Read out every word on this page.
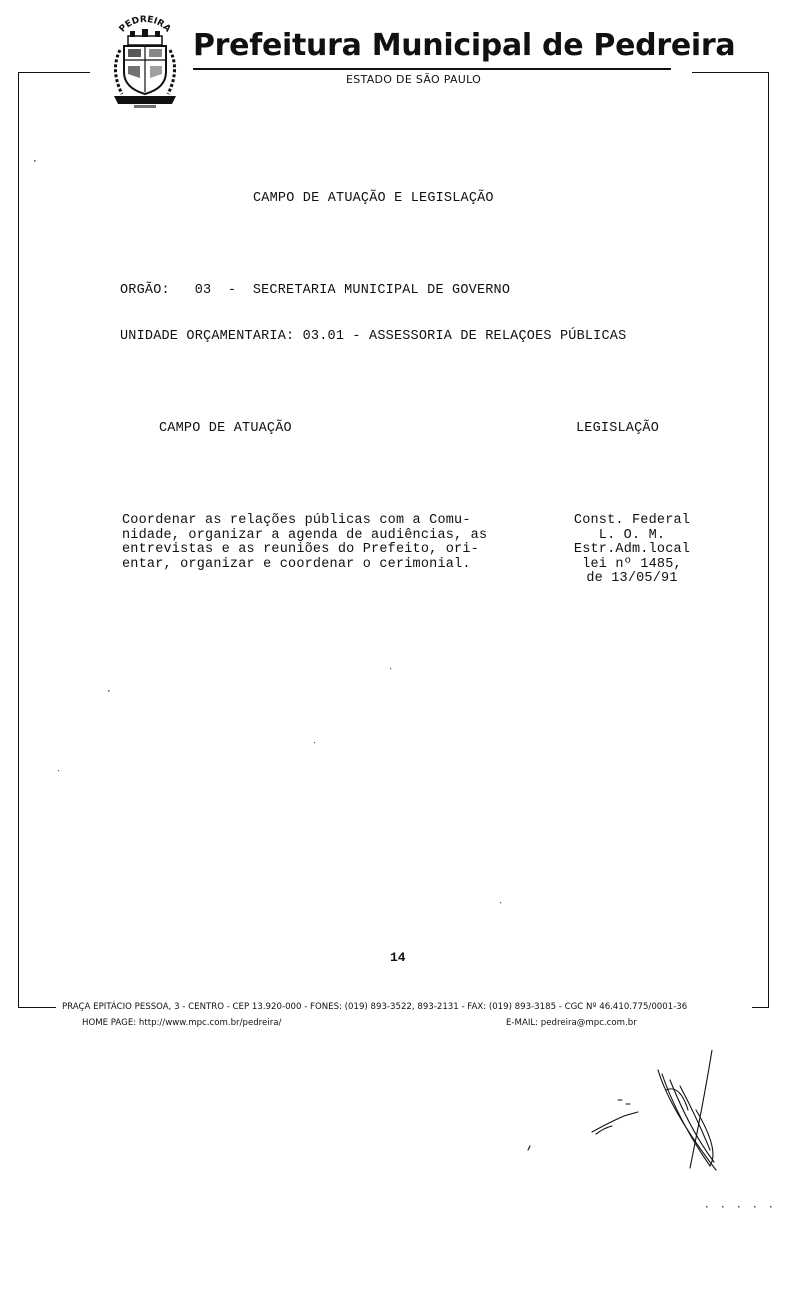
PEDREIRA Prefeitura Municipal de Pedreira
ESTADO DE SÃO PAULO
CAMPO DE ATUAÇÃO E LEGISLAÇÃO
ORGÃO:   03  -  SECRETARIA MUNICIPAL DE GOVERNO
UNIDADE ORÇAMENTARIA: 03.01 - ASSESSORIA DE RELAÇOES PÚBLICAS
CAMPO DE ATUAÇÃO	LEGISLAÇÃO
Coordenar as relações públicas com a Comu-
nidade, organizar a agenda de audiências, as
entrevistas e as reuniões do Prefeito, ori-
entar, organizar e coordenar o cerimonial.
Const. Federal
L. O. M.
Estr.Adm.local
lei nº 1485,
de 13/05/91
14
PRAÇA EPITÁCIO PESSOA, 3 - CENTRO - CEP 13.920-000 - FONES: (019) 893-3522, 893-2131 - FAX: (019) 893-3185 - CGC Nº 46.410.775/0001-36
HOME PAGE: http://www.mpc.com.br/pedreira/	E-MAIL: pedreira@mpc.com.br
